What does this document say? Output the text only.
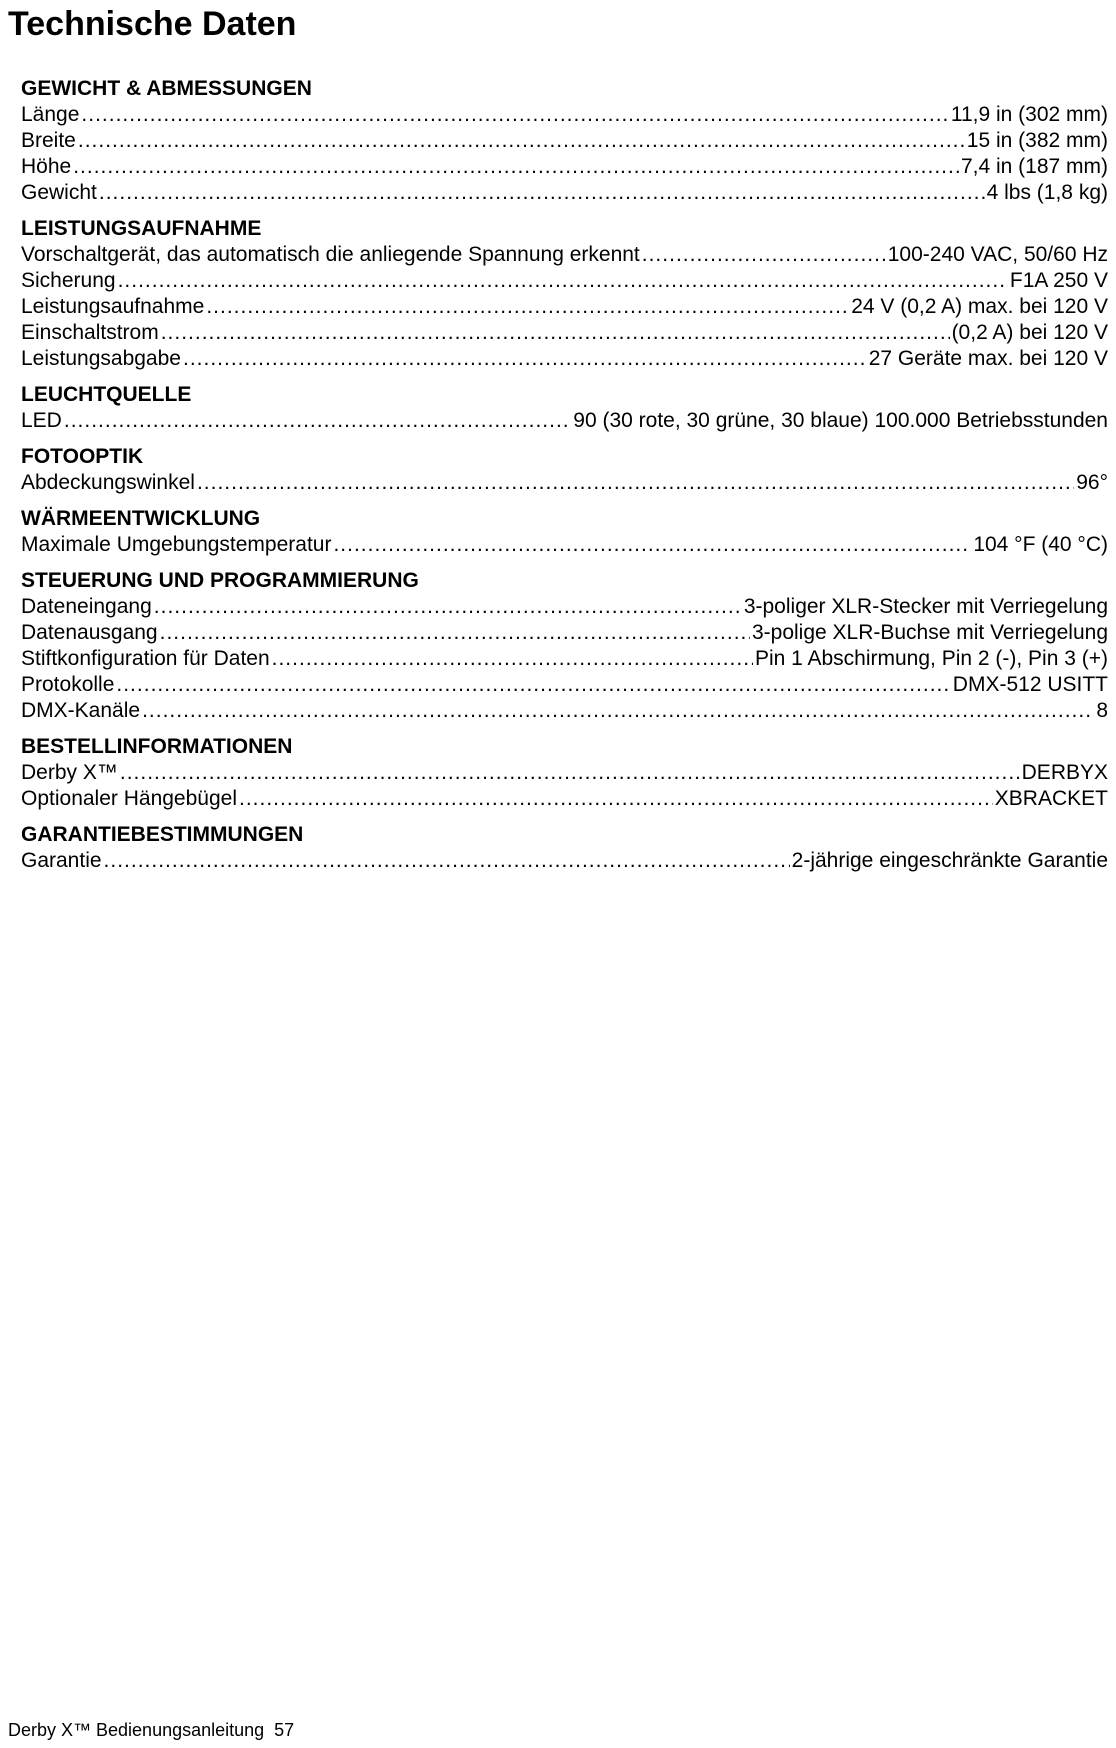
Technische Daten
GEWICHT & ABMESSUNGEN
Länge .....	11,9 in (302 mm)
Breite .....	15 in (382 mm)
Höhe .....	7,4 in (187 mm)
Gewicht .....	4 lbs (1,8 kg)
LEISTUNGSAUFNAHME
Vorschaltgerät, das automatisch die anliegende Spannung erkennt .....	100-240 VAC, 50/60 Hz
Sicherung .....	F1A 250 V
Leistungsaufnahme .....	24 V (0,2 A) max. bei 120 V
Einschaltstrom .....	(0,2 A) bei 120 V
Leistungsabgabe .....	27 Geräte max. bei 120 V
LEUCHTQUELLE
LED .....	90 (30 rote, 30 grüne, 30 blaue) 100.000 Betriebsstunden
FOTOOPTIK
Abdeckungswinkel .....	96°
WÄRMEENTWICKLUNG
Maximale Umgebungstemperatur .....	104 °F (40 °C)
STEUERUNG UND PROGRAMMIERUNG
Dateneingang .....	3-poliger XLR-Stecker mit Verriegelung
Datenausgang .....	3-polige XLR-Buchse mit Verriegelung
Stiftkonfiguration für Daten .....	Pin 1 Abschirmung, Pin 2 (-), Pin 3 (+)
Protokolle .....	DMX-512 USITT
DMX-Kanäle .....	8
BESTELLINFORMATIONEN
Derby X™ .....	DERBYX
Optionaler Hängebügel .....	XBRACKET
GARANTIEBESTIMMUNGEN
Garantie .....	2-jährige eingeschränkte Garantie
Derby X™ Bedienungsanleitung  57
